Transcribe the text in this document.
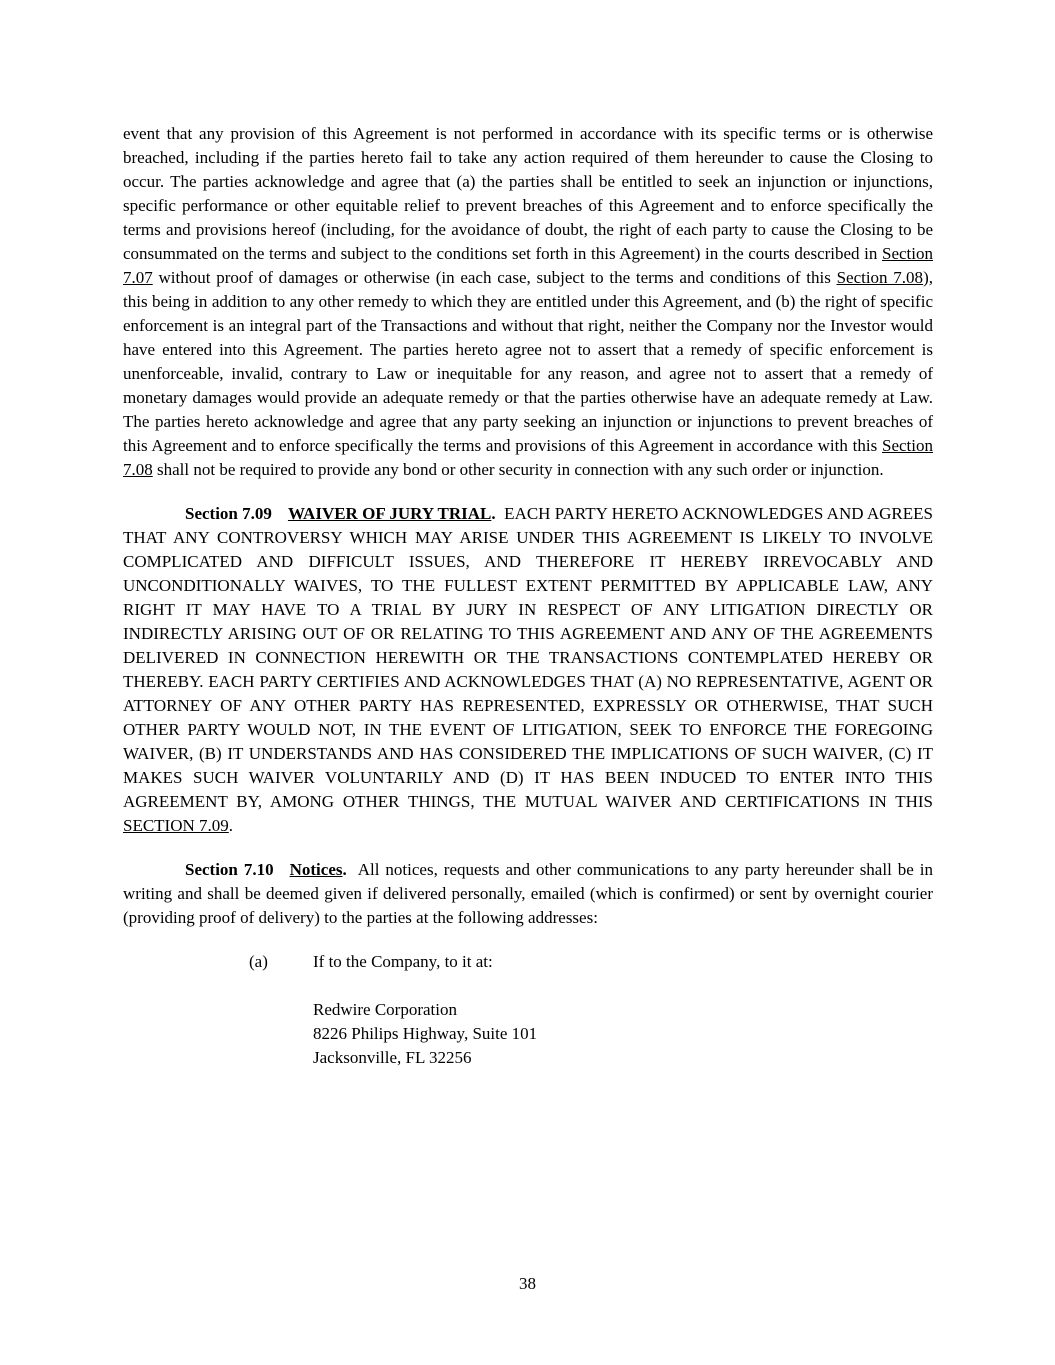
event that any provision of this Agreement is not performed in accordance with its specific terms or is otherwise breached, including if the parties hereto fail to take any action required of them hereunder to cause the Closing to occur. The parties acknowledge and agree that (a) the parties shall be entitled to seek an injunction or injunctions, specific performance or other equitable relief to prevent breaches of this Agreement and to enforce specifically the terms and provisions hereof (including, for the avoidance of doubt, the right of each party to cause the Closing to be consummated on the terms and subject to the conditions set forth in this Agreement) in the courts described in Section 7.07 without proof of damages or otherwise (in each case, subject to the terms and conditions of this Section 7.08), this being in addition to any other remedy to which they are entitled under this Agreement, and (b) the right of specific enforcement is an integral part of the Transactions and without that right, neither the Company nor the Investor would have entered into this Agreement. The parties hereto agree not to assert that a remedy of specific enforcement is unenforceable, invalid, contrary to Law or inequitable for any reason, and agree not to assert that a remedy of monetary damages would provide an adequate remedy or that the parties otherwise have an adequate remedy at Law. The parties hereto acknowledge and agree that any party seeking an injunction or injunctions to prevent breaches of this Agreement and to enforce specifically the terms and provisions of this Agreement in accordance with this Section 7.08 shall not be required to provide any bond or other security in connection with any such order or injunction.

Section 7.09 WAIVER OF JURY TRIAL.  EACH PARTY HERETO ACKNOWLEDGES AND AGREES THAT ANY CONTROVERSY WHICH MAY ARISE UNDER THIS AGREEMENT IS LIKELY TO INVOLVE COMPLICATED AND DIFFICULT ISSUES, AND THEREFORE IT HEREBY IRREVOCABLY AND UNCONDITIONALLY WAIVES, TO THE FULLEST EXTENT PERMITTED BY APPLICABLE LAW, ANY RIGHT IT MAY HAVE TO A TRIAL BY JURY IN RESPECT OF ANY LITIGATION DIRECTLY OR INDIRECTLY ARISING OUT OF OR RELATING TO THIS AGREEMENT AND ANY OF THE AGREEMENTS DELIVERED IN CONNECTION HEREWITH OR THE TRANSACTIONS CONTEMPLATED HEREBY OR THEREBY. EACH PARTY CERTIFIES AND ACKNOWLEDGES THAT (A) NO REPRESENTATIVE, AGENT OR ATTORNEY OF ANY OTHER PARTY HAS REPRESENTED, EXPRESSLY OR OTHERWISE, THAT SUCH OTHER PARTY WOULD NOT, IN THE EVENT OF LITIGATION, SEEK TO ENFORCE THE FOREGOING WAIVER, (B) IT UNDERSTANDS AND HAS CONSIDERED THE IMPLICATIONS OF SUCH WAIVER, (C) IT MAKES SUCH WAIVER VOLUNTARILY AND (D) IT HAS BEEN INDUCED TO ENTER INTO THIS AGREEMENT BY, AMONG OTHER THINGS, THE MUTUAL WAIVER AND CERTIFICATIONS IN THIS SECTION 7.09.

Section 7.10 Notices.  All notices, requests and other communications to any party hereunder shall be in writing and shall be deemed given if delivered personally, emailed (which is confirmed) or sent by overnight courier (providing proof of delivery) to the parties at the following addresses:

(a)	If to the Company, to it at:
Redwire Corporation
8226 Philips Highway, Suite 101
Jacksonville, FL 32256
38
